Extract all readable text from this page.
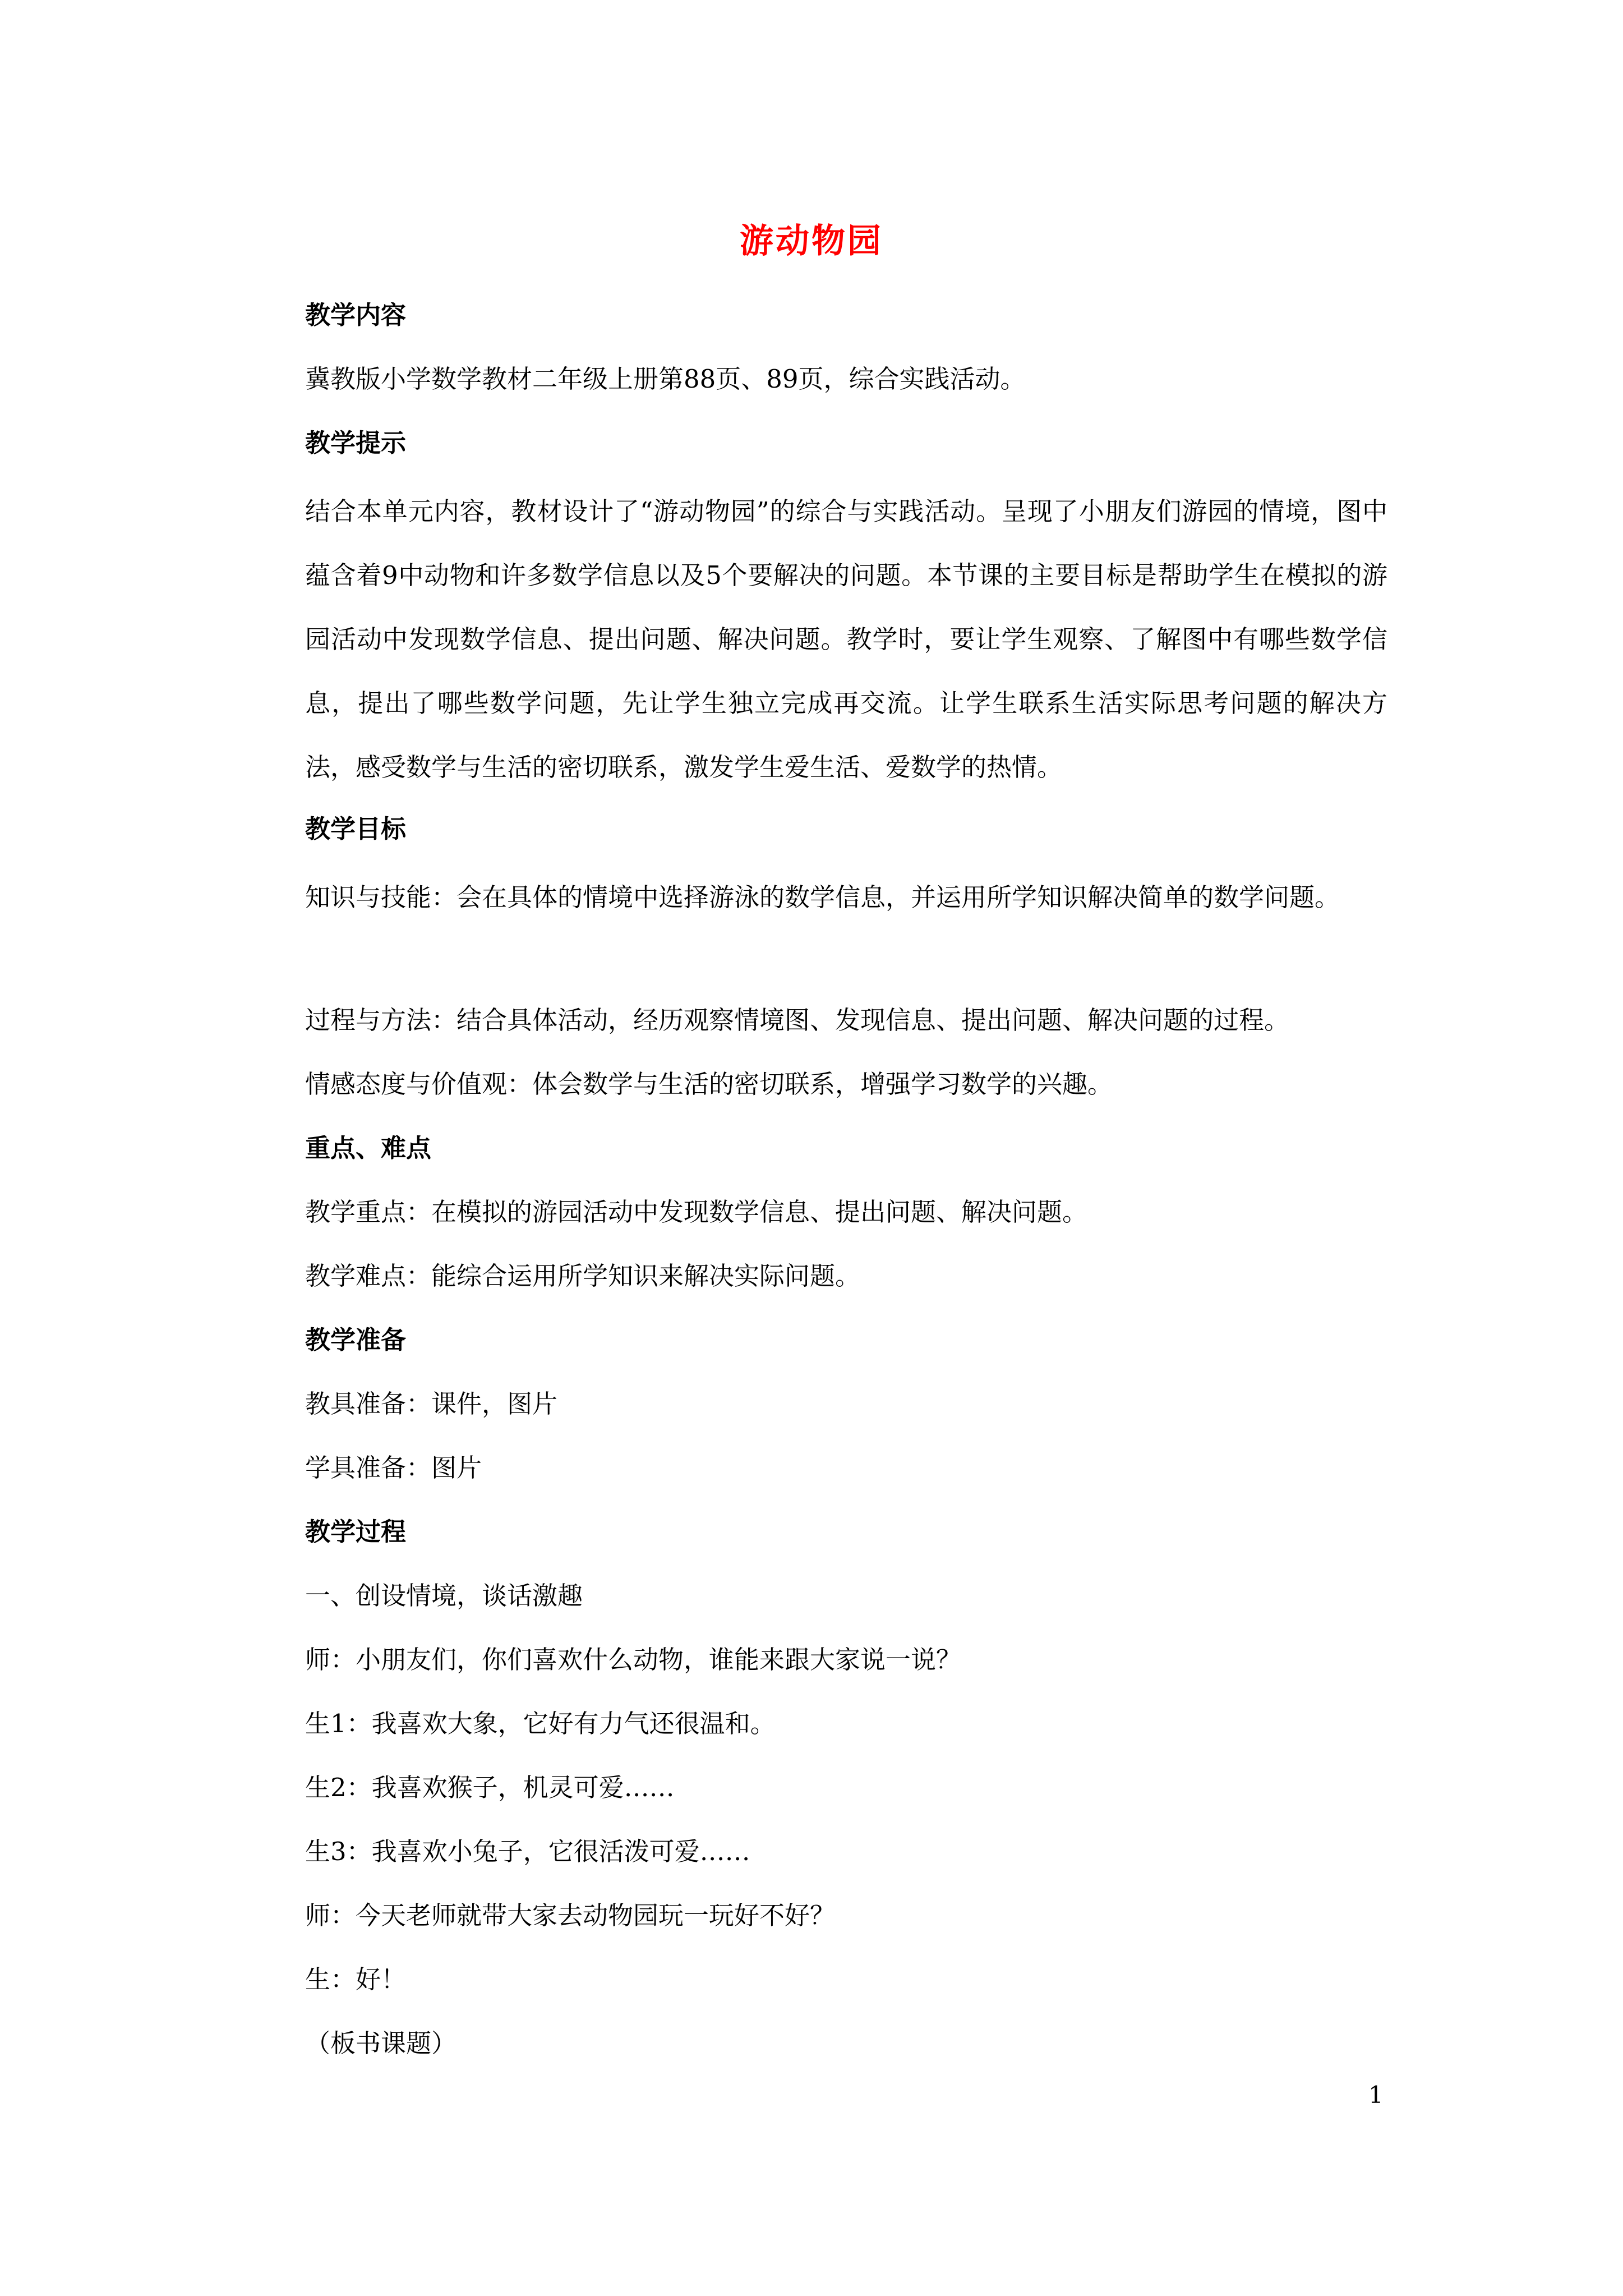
游动物园
教学内容
冀教版小学数学教材二年级上册第88页、89页，综合实践活动。
教学提示
结合本单元内容，教材设计了“游动物园”的综合与实践活动。呈现了小朋友们游园的情境，图中蕴含着9中动物和许多数学信息以及5个要解决的问题。本节课的主要目标是帮助学生在模拟的游园活动中发现数学信息、提出问题、解决问题。教学时，要让学生观察、了解图中有哪些数学信息，提出了哪些数学问题，先让学生独立完成再交流。让学生联系生活实际思考问题的解决方法，感受数学与生活的密切联系，激发学生爱生活、爱数学的热情。
教学目标
知识与技能：会在具体的情境中选择游泳的数学信息，并运用所学知识解决简单的数学问题。
过程与方法：结合具体活动，经历观察情境图、发现信息、提出问题、解决问题的过程。
情感态度与价值观：体会数学与生活的密切联系，增强学习数学的兴趣。
重点、难点
教学重点：在模拟的游园活动中发现数学信息、提出问题、解决问题。
教学难点：能综合运用所学知识来解决实际问题。
教学准备
教具准备：课件，图片
学具准备：图片
教学过程
一、创设情境，谈话激趣
师：小朋友们，你们喜欢什么动物，谁能来跟大家说一说？
生1：我喜欢大象，它好有力气还很温和。
生2：我喜欢猴子，机灵可爱……
生3：我喜欢小兔子，它很活泼可爱……
师：今天老师就带大家去动物园玩一玩好不好？
生：好！
（板书课题）
1
